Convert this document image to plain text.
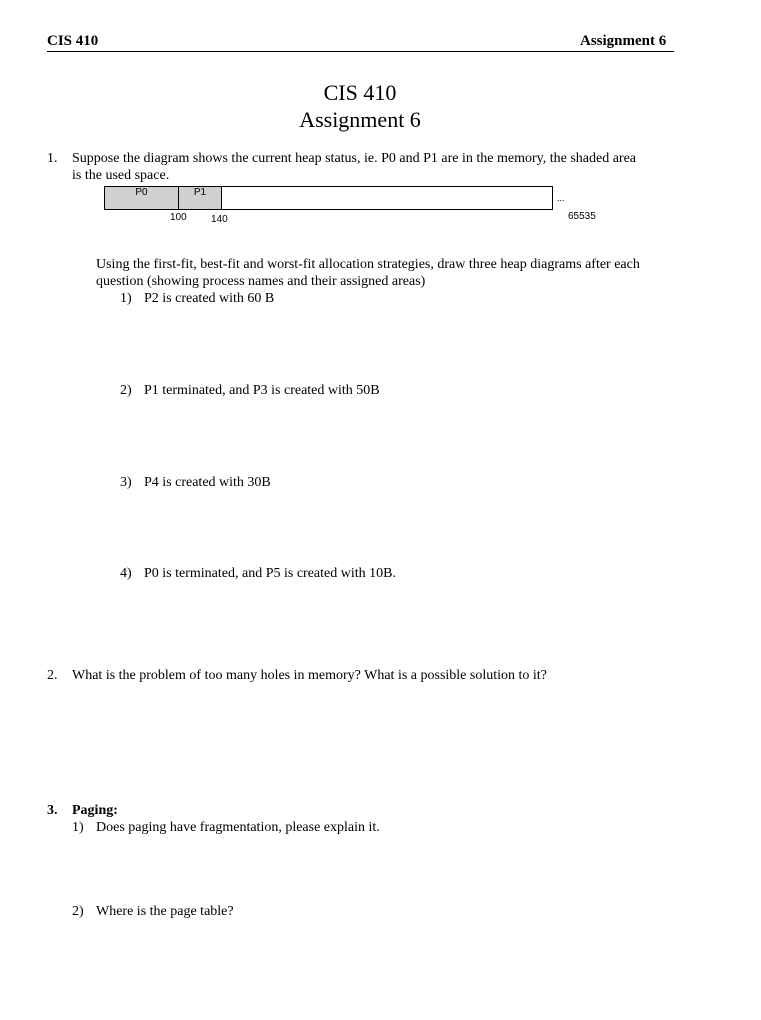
CIS 410	Assignment 6
CIS 410
Assignment 6
1. Suppose the diagram shows the current heap status, ie. P0 and P1 are in the memory, the shaded area
is the used space.
P0	P1	...
100 140	65535
Using the first-fit, best-fit and worst-fit allocation strategies, draw three heap diagrams after each
question (showing process names and their assigned areas)
1) P2 is created with 60 B
2) P1 terminated, and P3 is created with 50B
3) P4 is created with 30B
4) P0 is terminated, and P5 is created with 10B.
2. What is the problem of too many holes in memory? What is a possible solution to it?
3. Paging:
1) Does paging have fragmentation, please explain it.
2) Where is the page table?
